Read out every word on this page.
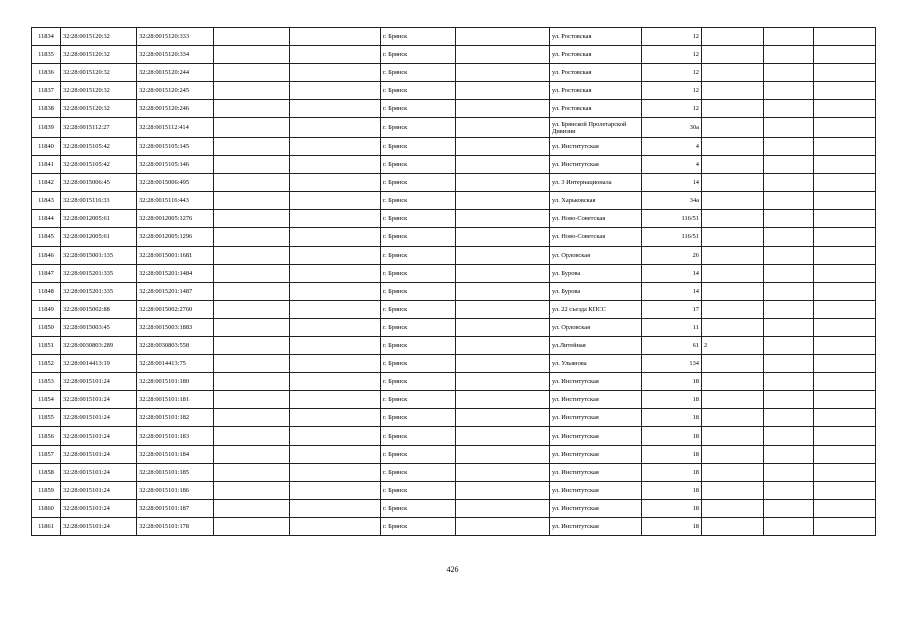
11834	32:28:0015120:32	32:28:0015120:333			г. Брянск		ул. Ростовская	12			
11835	32:28:0015120:32	32:28:0015120:334			г. Брянск		ул. Ростовская	12			
11836	32:28:0015120:32	32:28:0015120:244			г. Брянск		ул. Ростовская	12			
11837	32:28:0015120:32	32:28:0015120:245			г. Брянск		ул. Ростовская	12			
11838	32:28:0015120:32	32:28:0015120:246			г. Брянск		ул. Ростовская	12			
11839	32:28:0015112:27	32:28:0015112:414			г. Брянск		ул. Брянской Пролетарской Дивизии	30а			
11840	32:28:0015105:42	32:28:0015105:145			г. Брянск		ул. Институтская	4			
11841	32:28:0015105:42	32:28:0015105:146			г. Брянск		ул. Институтская	4			
11842	32:28:0015006:45	32:28:0015006:495			г. Брянск		ул. 3 Интернационала	14			
11843	32:28:0015116:33	32:28:0015116:443			г. Брянск		ул. Харьковская	34а			
11844	32:28:0012005:61	32:28:0012005:1276			г. Брянск		ул. Ново-Советская	116/51			
11845	32:28:0012005:61	32:28:0012005:1296			г. Брянск		ул. Ново-Советская	116/51			
11846	32:28:0015001:135	32:28:0015001:1681			г. Брянск		ул. Орловская	26			
11847	32:28:0015201:335	32:28:0015201:1484			г. Брянск		ул. Бурова	14			
11848	32:28:0015201:335	32:28:0015201:1487			г. Брянск		ул. Бурова	14			
11849	32:28:0015002:88	32:28:0015002:2760			г. Брянск		ул. 22 съезда КПСС	17			
11850	32:28:0015003:45	32:28:0015003:1883			г. Брянск		ул. Орловская	11			
11851	32:28:0030803:289	32:28:0030803:558			г. Брянск		ул.Литейная	61	2		
11852	32:28:0014413:19	32:28:0014413:75			г. Брянск		ул. Ульянова	134			
11853	32:28:0015101:24	32:28:0015101:180			г. Брянск		ул. Институтская	18			
11854	32:28:0015101:24	32:28:0015101:181			г. Брянск		ул. Институтская	18			
11855	32:28:0015101:24	32:28:0015101:182			г. Брянск		ул. Институтская	18			
11856	32:28:0015101:24	32:28:0015101:183			г. Брянск		ул. Институтская	18			
11857	32:28:0015101:24	32:28:0015101:184			г. Брянск		ул. Институтская	18			
11858	32:28:0015101:24	32:28:0015101:185			г. Брянск		ул. Институтская	18			
11859	32:28:0015101:24	32:28:0015101:186			г. Брянск		ул. Институтская	18			
11860	32:28:0015101:24	32:28:0015101:187			г. Брянск		ул. Институтская	18			
11861	32:28:0015101:24	32:28:0015101:178			г. Брянск		ул. Институтская	18			
426
